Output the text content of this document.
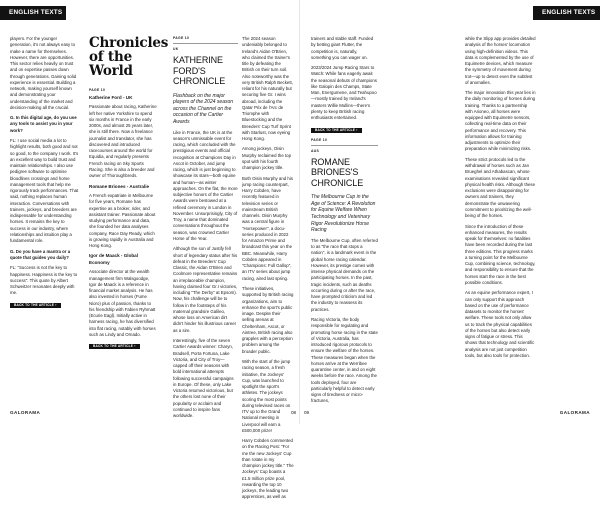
ENGLISH TEXTS	ENGLISH TEXTS

players. For the younger generation, it's not always easy to make a name for themselves. However, there are opportunities. This sector relies heavily on trust and on expertise passes down through generations. Gaining solid experience is essential. Building a network, making yourself known and demonstrating your understanding of the market and decision-making all the crucial.

G. In this digital age, do you use any tools to assist you in your work?

FL: I use social media a lot to highlight results, both good and not so good, to the company I work. It's an excellent way to build trust and maintain relationships. I also use pedigree software to optimise bloodlines crossings and horse management tools that help me rigorously track performances. That said, nothing replaces human interaction. Conversations with trainers, jockeys, and breeders are indispensable for understanding horses. It remains the key to success in our industry, where relationships and intuition play a fundamental role.

G. Do you have a mantra or a quote that guides you daily?

FL: "Success is not the key to happiness. Happiness is the key to success". This quote by Albert Schweitzer resonates deeply with me.

BACK TO THE ARTICLE ›
Chronicles of the World
PAGE 10
Katherine Ford - UK

Passionate about racing, Katherine left her native Yorkshire to spend six months in France in the early 2000s, and almost 25 years later, she is still there. Now a freelance journalist and translator, she has discovered and introduced racecourses around the world for Equidia, and regularly presents French racing on Sky Sports Racing. She is also a breeder and owner of Thoroughbreds.

Romane Briones - Australie

A French expatriate in Melbourne for five years, Romane has expertise as a broker, rider, and assistant trainer. Passionate about studying performance and data, she founded her data analyses company, Race Day Ready, which is growing rapidly in Australia and Hong Kong.

Igor de Maack - Global Economy

Associate director at the wealth management firm Walsgoodge, Igor de Maack is a reference in financial market analysis. He has also invested in horses (Fume Nioro) plus of passion, thanks to his friendship with Fabien Ryhmatt (Ecurie Eagl). Initially active in harness racing, he has diversified into flat racing, notably with horses such as Lindy and Ornado.

BACK TO THE ARTICLE ›
PAGE 10
UK
KATHERINE FORD'S CHRONICLE

Flashback on the major players of the 2024 season across the Channel on the occasion of the Cartier Awards

Like in France, the UK is at the season's unmissable event for racing, which concluded with the prestigious events and official recognition at Champions Day in Ascot in October, and jump racing, which is just beginning to showcase its stars—both equine and human—as winter approaches. On the flat, the more subjective honors of the Cartier Awards were bestowed at a refined ceremony in London in November. Unsurprisingly, City of Troy, a name that dominated conversations throughout the season, was crowned Cartier Horse of the Year.

Although the son of Justify fell short of legendary status after his defeat in the Breeders' Cup Classic, the Aidan O'Brien and Coolmore representative remains an irreplaceable champion, having claimed four Gr.I victories, including "The Derby" at Epsom). Now, his challenge will be to follow in the footsteps of his maternal grandsire Galileo, whose loss on American dirt didn't hinder his illustrious career as a sire.

Interestingly, five of the seven Cartier Awards winner: Charyn, Bradsell, Porta Fortuna, Lake Victoria, and City of Troy—capped off their seasons with bold international attempts following successful campaigns in Europe. Of these, only Lake Victoria returned victorious, but the others lost none of their popularity or acclaim and continued to inspire fans worldwide.

The 2024 season undeniably belonged to Ireland's Aidan O'Brien, who claimed the trainer's title by defeating the British on their turn soil. Also noteworthy was the very British Ralph Beckett, reliant for his naturally but securing five Gr. I wins abroad, including the Qatar Prix de l'Arc de Triomphe with Bluestocking and the Breeders' Cup Turf Sprint with Starlust, now eyeing Hong Kong.

Among jockeys, Oisin Murphy reclaimed the top spot with his fourth champion jockey title.

Both Oisin Murphy and his jump racing counterpart, Harry Cobden, have recently featured in television series or mainstream British channels. Oisin Murphy was a central figure in "Horsepower", a docu-series produced in 2022 for Amazon Prime and broadcast this year on the BBC. Meanwhile, Harry Cobden appeared in "Champions: Full Gallop", an ITV series about jump racing, aired last spring.

These initiatives, supported by British racing organizations, aim to enhance the sport's public image. Despite their selling arenas at Cheltenham, Ascot, or Aintree, British racing also grapples with a perception problem among the broader public.

With the start of the jump racing season, a fresh initiative, the Jockeys' Cup, was launched to spotlight the sport's athletes. The jockeys scoring the most points during televised races on ITV up to the Grand National meeting in Liverpool will earn a £500,000 prize!

Harry Cobden commented on the Racing Post: "For me the new Jockeys' Cup than rotate in my champion jockey title." The Jockeys' Cup boasts a £1.5 million prize pool, rewarding the top 10 jockeys, the leading two apprentices, as well as

trainers and stable staff. Funded by betting giant Flutter, the competition is, naturally, something you can wager on.

2023/2024 Jump Racing Stars to Watch: While fans eagerly await the seasonal debuts of champions like Galopin des Champs, State Man, Energumene, and Teahupoo—mostly trained by Ireland's masters Willie Mullins—there's plenty to keep British racing enthusiasts entertained.

BACK TO THE ARTICLE ›
PAGE 10
AUS
ROMANE BRIONES'S CHRONICLE

The Melbourne Cup in the Age of Science: A Revolution for Equine Welfare When Technology and Veterinary Rigor Revolutionize Horse Racing

The Melbourne Cup, often referred to as "the race that stops a nation", is a landmark event in the global horse racing calendar. However, its prestige comes with intense physical demands on the participating horses. In the past, tragic incidents, such as deaths occurring during or after the race, have prompted criticism and led the industry to reassess its practices.

Racing Victoria, the body responsible for regulating and promoting horse racing in the state of Victoria, Australia, has introduced rigorous protocols to ensure the welfare of the horses. These measures began when the horses arrive at the Werribee quarantine center, in and on eight weeks before the race. Among the tools deployed, four are particularly helpful to detect early signs of tiredness or micro-fractures,

while the Slipp app provides detailed analysis of the horses' locomotion using high-definition videos. This data is complemented by the use of Equimetre devices, which measure the symmetry of movement during trot—up to detect even the subtlest of anomalies.

The major innovation this year lies in the daily monitoring of horses during training. Thanks to a partnership with Arioneo, all horses were equipped with Equimetre sensors, collecting real-time data on their performance and recovery. This information allows for training adjustments to optimize their preparation while minimizing risks.

These strict protocols led to the withdrawal of horses such as Jan Brueghel and Athabascan, whose examinations revealed significant physical health risks. Although these exclusions were disappointing for owners and trainers, they demonstrate the unwavering commitment to prioritizing the well-being of the horses.

Since the introduction of these enhanced measures, the results speak for themselves: no fatalities have been recorded during the last three editions. This progress marks a turning point for the Melbourne Cup, combining science, technology, and responsibility to ensure that the horses start the race in the best possible conditions.

As an equine performance expert, I can only support this approach based on the use of performance datasets to monitor the horses' welfare. These tools not only allow us to track the physical capabilities of the horses but also detect early signs of fatigue or stress. This shows that technology and scientific analysis are not just competition tools, but also tools for protection.

GALORAMA	08 09	GALORAMA
